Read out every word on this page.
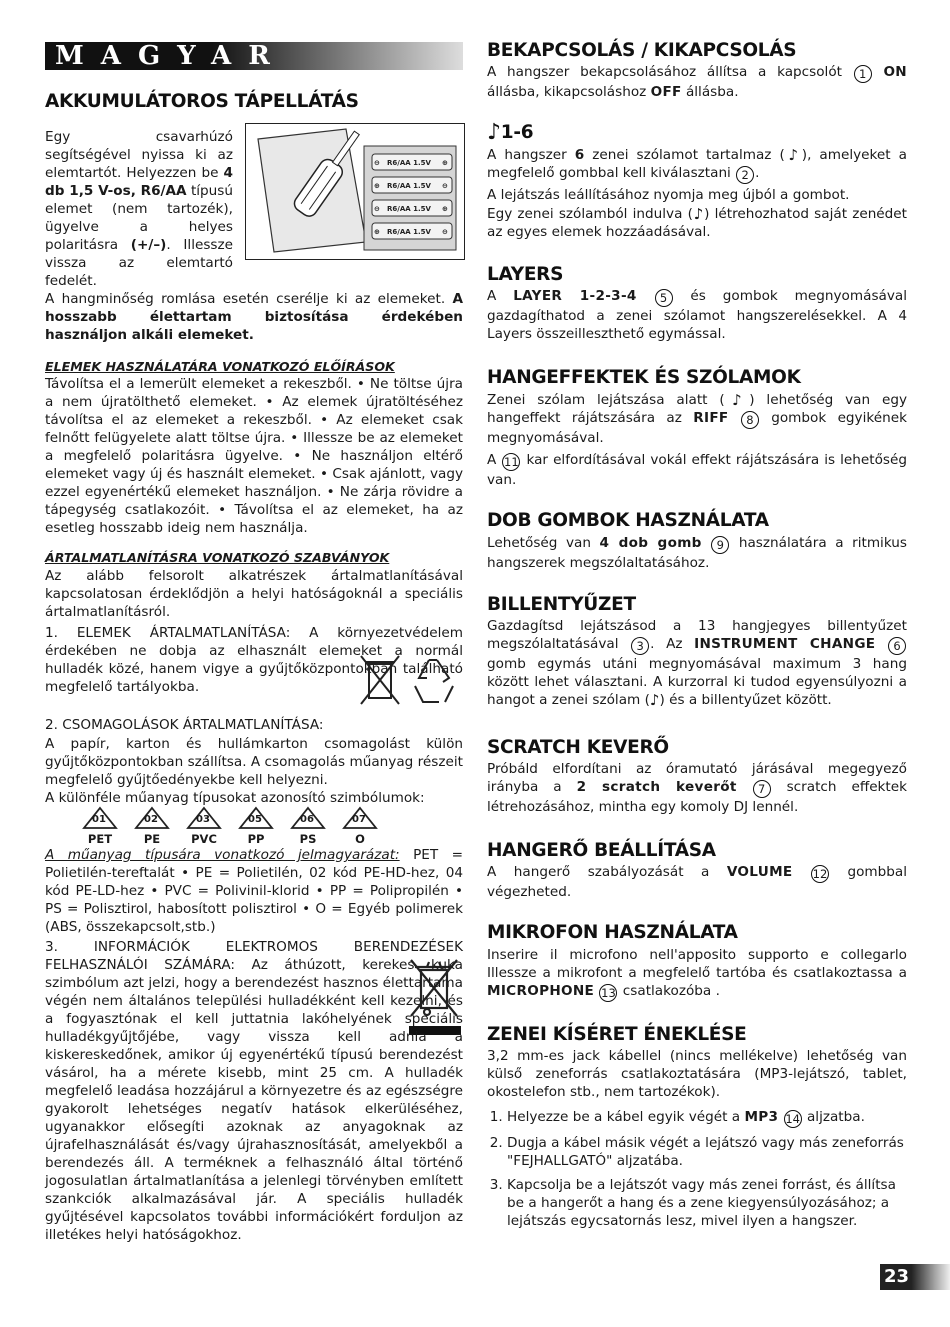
MAGYAR
AKKUMULÁTOROS TÁPELLÁTÁS

Egy csavarhúzó segítségével nyissa ki az elemtartót. Helyezzen be 4 db 1,5 V-os, R6/AA típusú elemet (nem tartozék), ügyelve a helyes polaritásra (+/–). Illessze vissza az elemtartó fedelét.

⊖	⊕
⊕	⊖
⊖	⊕
⊕	⊖
R6/AA 1.5V
R6/AA 1.5V
R6/AA 1.5V
R6/AA 1.5V

A hangminőség romlása esetén cserélje ki az elemeket. A hosszabb élettartam biztosítása érdekében használjon alkáli elemeket.

ELEMEK HASZNÁLATÁRA VONATKOZÓ ELŐÍRÁSOK

Távolítsa el a lemerült elemeket a rekeszből. • Ne töltse újra a nem újratölthető elemeket. • Az elemek újratöltéséhez távolítsa el az elemeket a rekeszből. • Az elemeket csak felnőtt felügyelete alatt töltse újra. • Illessze be az elemeket a megfelelő polaritásra ügyelve. • Ne használjon eltérő elemeket vagy új és használt elemeket. • Csak ajánlott, vagy ezzel egyenértékű elemeket használjon. • Ne zárja rövidre a tápegység csatlakozóit. • Távolítsa el az elemeket, ha az esetleg hosszabb ideig nem használja.

ÁRTALMATLANÍTÁSRA VONATKOZÓ SZABVÁNYOK

Az alább felsorolt alkatrészek ártalmatlanításával kapcsolatosan érdeklődjön a helyi hatóságoknál a speciális ártalmatlanításról.

1. ELEMEK ÁRTALMATLANÍTÁSA: A környezetvédelem érdekében ne dobja az elhasznált elemeket a normál hulladék közé, hanem vigye a gyűjtőközpontokban található megfelelő tartályokba.

2. CSOMAGOLÁSOK ÁRTALMATLANÍTÁSA:

A papír, karton és hullámkarton csomagolást külön gyűjtőközpontokban szállítsa. A csomagolás műanyag részeit megfelelő gyűjtőedényekbe kell helyezni.

A különféle műanyag típusokat azonosító szimbólumok:

01
PET
02
PE
03
PVC
05
PP
06
PS
07
O

A műanyag típusára vonatkozó jelmagyarázat: PET = Polietilén-tereftalát • PE = Polietilén, 02 kód PE-HD-hez, 04 kód PE-LD-hez • PVC = Polivinil-klorid • PP = Polipropilén • PS = Polisztirol, habosított polisztirol • O = Egyéb polimerek (ABS, összekapcsolt,stb.)

3. INFORMÁCIÓK ELEKTROMOS BERENDEZÉSEK FELHASZNÁLÓI SZÁMÁRA: Az áthúzott, kerekes kuka szimbólum azt jelzi, hogy a berendezést hasznos élettartama végén nem általános települési hulladékként kell kezelni, és a fogyasztónak el kell juttatnia lakóhelyének speciális hulladékgyűjtőjébe, vagy vissza kell adnia a kiskereskedőnek, amikor új egyenértékű típusú berendezést vásárol, ha a mérete kisebb, mint 25 cm. A hulladék megfelelő leadása hozzájárul a környezetre és az egészségre gyakorolt lehetséges negatív hatások elkerüléséhez, ugyanakkor elősegíti azoknak az anyagoknak az újrafelhasználását és/vagy újrahasznosítását, amelyekből a berendezés áll. A terméknek a felhasználó által történő jogosulatlan ártalmatlanítása a jelenlegi törvényben említett szankciók alkalmazásával jár. A speciális hulladék gyűjtésével kapcsolatos további információkért forduljon az illetékes helyi hatóságokhoz.

BEKAPCSOLÁS / KIKAPCSOLÁS

A hangszer bekapcsolásához állítsa a kapcsolót 1 ON állásba, kikapcsoláshoz OFF állásba.

♪1-6

A hangszer 6 zenei szólamot tartalmaz (♪), amelyeket a megfelelő gombbal kell kiválasztani 2 .

A lejátszás leállításához nyomja meg újból a gombot.

Egy zenei szólamból indulva (♪) létrehozhatod saját zenédet az egyes elemek hozzáadásával.

LAYERS

A LAYER 1-2-3-4 5 és gombok megnyomásával gazdagíthatod a zenei szólamot hangszerelésekkel. A 4 Layers összeilleszthető egymással.

HANGEFFEKTEK ÉS SZÓLAMOK

Zenei szólam lejátszása alatt (♪) lehetőség van egy hangeffekt rájátszására az RIFF 8 gombok egyikének megnyomásával.

A 11 kar elfordításával vokál effekt rájátszására is lehetőség van.

DOB GOMBOK HASZNÁLATA

Lehetőség van 4 dob gomb 9 használatára a ritmikus hangszerek megszólaltatásához.

BILLENTYŰZET

Gazdagítsd lejátszásod a 13 hangjegyes billentyűzet megszólaltatásával 3 . Az INSTRUMENT CHANGE 6 gomb egymás utáni megnyomásával maximum 3 hang között lehet választani. A kurzorral ki tudod egyensúlyozni a hangot a zenei szólam (♪) és a billentyűzet között.

SCRATCH KEVERŐ

Próbáld elfordítani az óramutató járásával megegyező irányba a 2 scratch keverőt 7 scratch effektek létrehozásához, mintha egy komoly DJ lennél.

HANGERŐ BEÁLLÍTÁSA

A hangerő szabályozását a VOLUME 12 gombbal végezheted.

MIKROFON HASZNÁLATA

Inserire il microfono nell'apposito supporto e collegarlo Illessze a mikrofont a megfelelő tartóba és csatlakoztassa a MICROPHONE 13 csatlakozóba .

ZENEI KÍSÉRET ÉNEKLÉSE

3,2 mm-es jack kábellel (nincs mellékelve) lehetőség van külső zeneforrás csatlakoztatására (MP3-lejátszó, tablet, okostelefon stb., nem tartozékok).

1. Helyezze be a kábel egyik végét a MP3 14 aljzatba.
2. Dugja a kábel másik végét a lejátszó vagy más zeneforrás "FEJHALLGATÓ" aljzatába.
3. Kapcsolja be a lejátszót vagy más zenei forrást, és állítsa be a hangerőt a hang és a zene kiegyensúlyozásához; a lejátszás egycsatornás lesz, mivel ilyen a hangszer.
23
